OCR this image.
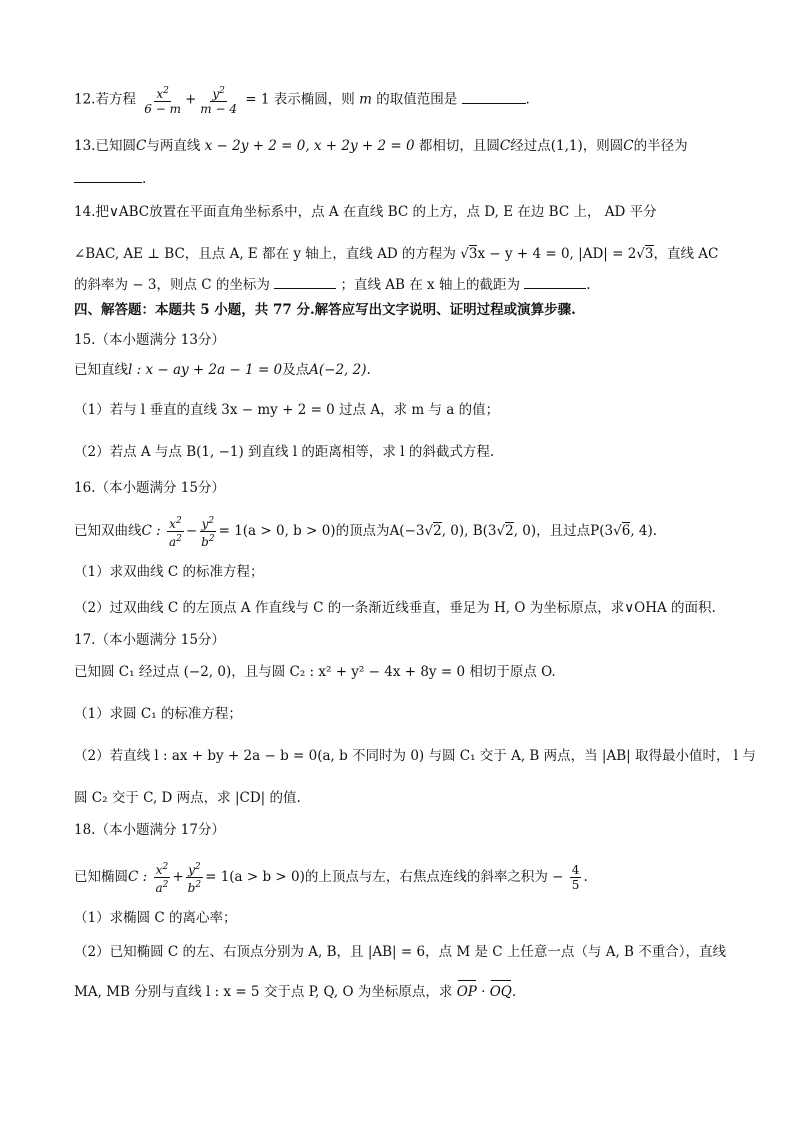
12.若方程 $\frac{x^2}{6 - m} + \frac{y^2}{m - 4} = 1$ 表示椭圆，则 m 的取值范围是	.
13.已知圆C与两直线 x − 2y + 2 = 0, x + 2y + 2 = 0 都相切，且圆C经过点(1,1)，则圆C的半径为
.
14.把∨ABC放置在平面直角坐标系中，点 A 在直线 BC 的上方，点 D, E 在边 BC 上， AD 平分
∠BAC, AE ⊥ BC，且点 A, E 都在 y 轴上，直线 AD 的方程为 √3x − y + 4 = 0, |AD| = 2√3，直线 AC
的斜率为 − 3，则点 C 的坐标为	；直线 AB 在 x 轴上的截距为	.
四、解答题：本题共 5 小题，共 77 分.解答应写出文字说明、证明过程或演算步骤.
15.（本小题满分 13分）
已知直线l : x − ay + 2a − 1 = 0及点A(−2, 2).
（1）若与 l 垂直的直线 3x − my + 2 = 0 过点 A，求 m 与 a 的值；
（2）若点 A 与点 B(1, −1) 到直线 l 的距离相等，求 l 的斜截式方程.
16.（本小题满分 15分）
已知双曲线C : $\frac{x^2}{a^2} - \frac{y^2}{b^2} = 1(a > 0$, b > 0)的顶点为A(−3√2, 0), B(3√2, 0)，且过点P(3√6, 4).
（1）求双曲线 C 的标准方程；
（2）过双曲线 C 的左顶点 A 作直线与 C 的一条渐近线垂直，垂足为 H, O 为坐标原点，求∨OHA 的面积.
17.（本小题满分 15分）
已知圆 C₁ 经过点 (−2, 0)，且与圆 C₂ : x² + y² − 4x + 8y = 0 相切于原点 O.
（1）求圆 C₁ 的标准方程；
（2）若直线 l : ax + by + 2a − b = 0(a, b 不同时为 0) 与圆 C₁ 交于 A, B 两点，当 |AB| 取得最小值时， l 与
圆 C₂ 交于 C, D 两点，求 |CD| 的值.
18.（本小题满分 17分）
已知椭圆C : $\frac{x^2}{a^2} + \frac{y^2}{b^2} = 1(a > b > 0)$的上顶点与左，右焦点连线的斜率之积为 − $\frac{4}{5}$ .
（1）求椭圆 C 的离心率；
（2）已知椭圆 C 的左、右顶点分别为 A, B，且 |AB| = 6，点 M 是 C 上任意一点（与 A, B 不重合），直线
MA, MB 分别与直线 l : x = 5 交于点 P, Q, O 为坐标原点，求 OP · OQ.
